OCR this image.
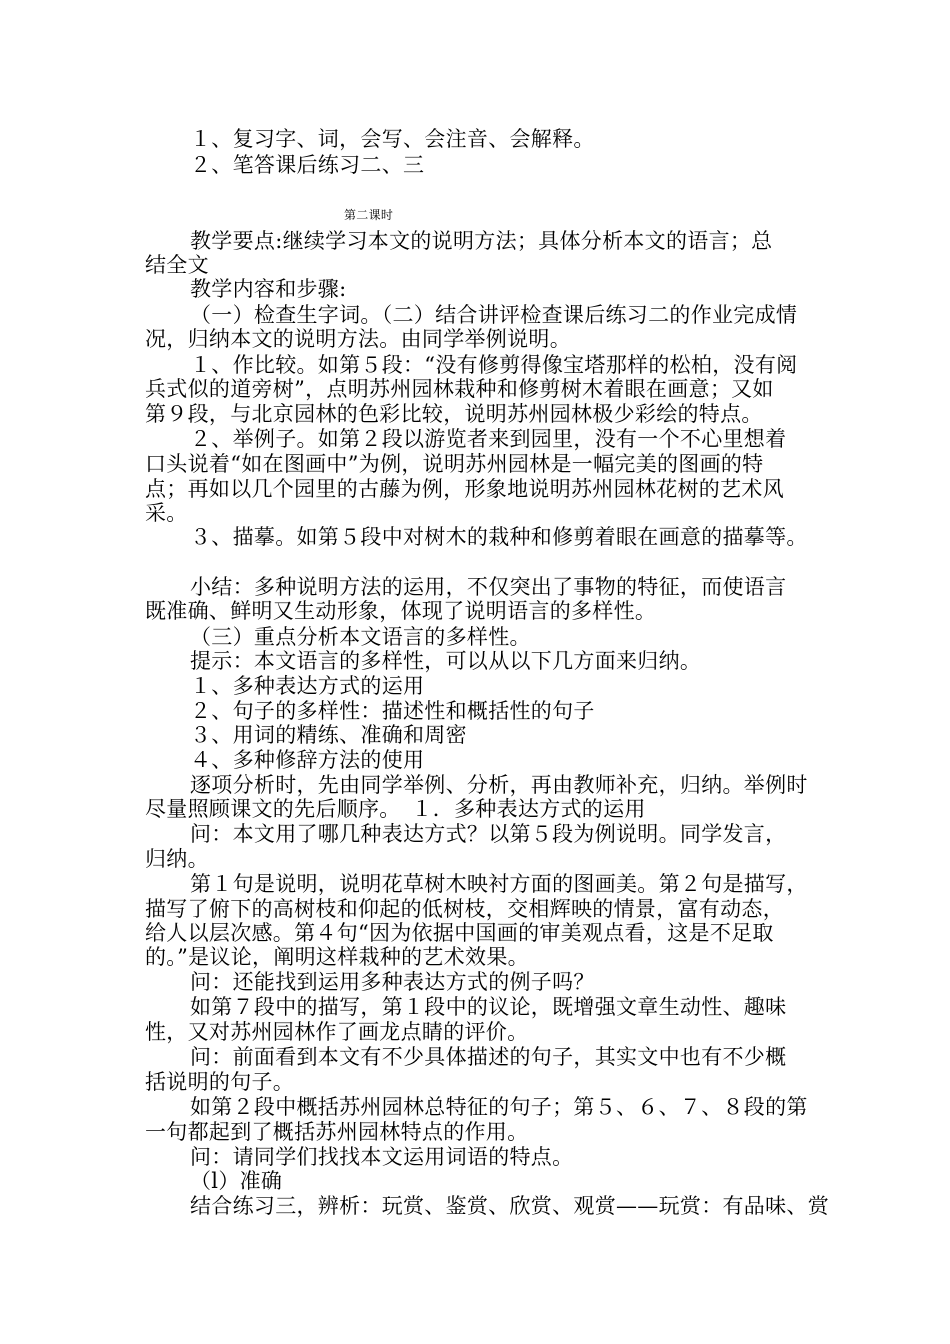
１、复习字、词，会写、会注音、会解释。
２、笔答课后练习二、三
第二课时
教学要点:继续学习本文的说明方法；具体分析本文的语言；总
结全文
教学内容和步骤:
（一）检查生字词。（二）结合讲评检查课后练习二的作业完成情
况，归纳本文的说明方法。由同学举例说明。
１、作比较。如第５段：“没有修剪得像宝塔那样的松柏，没有阅
兵式似的道旁树”，点明苏州园林栽种和修剪树木着眼在画意；又如
第９段，与北京园林的色彩比较，说明苏州园林极少彩绘的特点。
２、举例子。如第２段以游览者来到园里，没有一个不心里想着
口头说着“如在图画中”为例，说明苏州园林是一幅完美的图画的特
点；再如以几个园里的古藤为例，形象地说明苏州园林花树的艺术风
采。
３、描摹。如第５段中对树木的栽种和修剪着眼在画意的描摹等。
小结：多种说明方法的运用，不仅突出了事物的特征，而使语言
既准确、鲜明又生动形象，体现了说明语言的多样性。
（三）重点分析本文语言的多样性。
提示：本文语言的多样性，可以从以下几方面来归纳。
１、多种表达方式的运用
２、句子的多样性：描述性和概括性的句子
３、用词的精练、准确和周密
４、多种修辞方法的使用
逐项分析时，先由同学举例、分析，再由教师补充，归纳。举例时
尽量照顾课文的先后顺序。　１．多种表达方式的运用
问：本文用了哪几种表达方式？以第５段为例说明。同学发言，
归纳。
第１句是说明，说明花草树木映衬方面的图画美。第２句是描写，
描写了俯下的高树枝和仰起的低树枝，交相辉映的情景，富有动态，
给人以层次感。第４句“因为依据中国画的审美观点看，这是不足取
的。”是议论，阐明这样栽种的艺术效果。
问：还能找到运用多种表达方式的例子吗？
如第７段中的描写，第１段中的议论，既增强文章生动性、趣味
性，又对苏州园林作了画龙点睛的评价。
问：前面看到本文有不少具体描述的句子，其实文中也有不少概
括说明的句子。
如第２段中概括苏州园林总特征的句子；第５、６、７、８段的第
一句都起到了概括苏州园林特点的作用。
问：请同学们找找本文运用词语的特点。
（l）准确
结合练习三，辨析：玩赏、鉴赏、欣赏、观赏——玩赏：有品味、赏
